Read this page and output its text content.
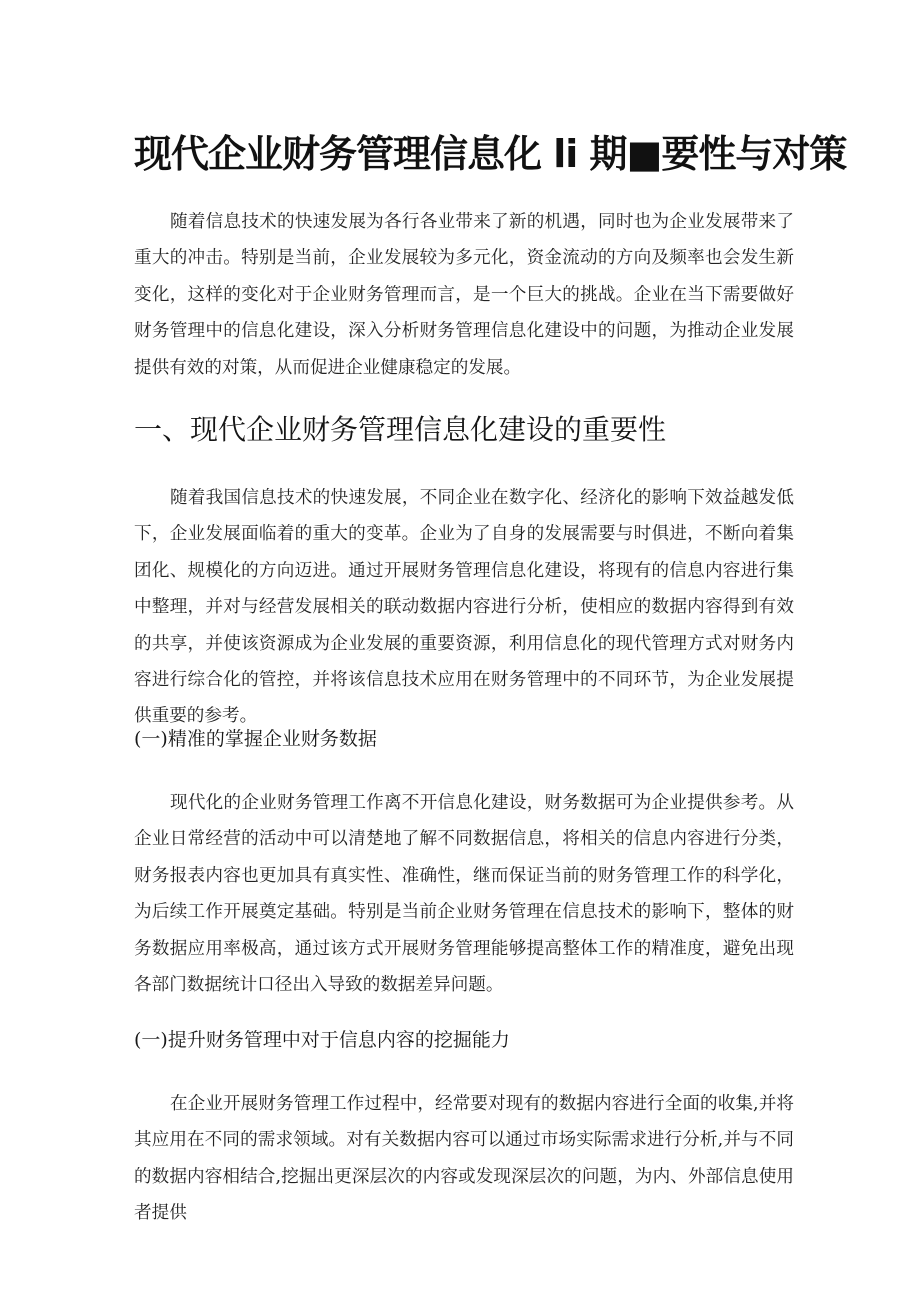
现代企业财务管理信息化 li 期■要性与对策

随着信息技术的快速发展为各行各业带来了新的机遇，同时也为企业发展带来了重大的冲击。特别是当前，企业发展较为多元化，资金流动的方向及频率也会发生新变化，这样的变化对于企业财务管理而言，是一个巨大的挑战。企业在当下需要做好财务管理中的信息化建设，深入分析财务管理信息化建设中的问题，为推动企业发展提供有效的对策，从而促进企业健康稳定的发展。

一、现代企业财务管理信息化建设的重要性

随着我国信息技术的快速发展，不同企业在数字化、经济化的影响下效益越发低下，企业发展面临着的重大的变革。企业为了自身的发展需要与时俱进，不断向着集团化、规模化的方向迈进。通过开展财务管理信息化建设，将现有的信息内容进行集中整理，并对与经营发展相关的联动数据内容进行分析，使相应的数据内容得到有效的共享，并使该资源成为企业发展的重要资源，利用信息化的现代管理方式对财务内容进行综合化的管控，并将该信息技术应用在财务管理中的不同环节，为企业发展提供重要的参考。

(一)精准的掌握企业财务数据

现代化的企业财务管理工作离不开信息化建设，财务数据可为企业提供参考。从企业日常经营的活动中可以清楚地了解不同数据信息，将相关的信息内容进行分类，财务报表内容也更加具有真实性、准确性，继而保证当前的财务管理工作的科学化，为后续工作开展奠定基础。特别是当前企业财务管理在信息技术的影响下，整体的财务数据应用率极高，通过该方式开展财务管理能够提高整体工作的精准度，避免出现各部门数据统计口径出入导致的数据差异问题。

(一)提升财务管理中对于信息内容的挖掘能力

在企业开展财务管理工作过程中，经常要对现有的数据内容进行全面的收集,并将其应用在不同的需求领域。对有关数据内容可以通过市场实际需求进行分析,并与不同的数据内容相结合,挖掘出更深层次的内容或发现深层次的问题，为内、外部信息使用者提供
